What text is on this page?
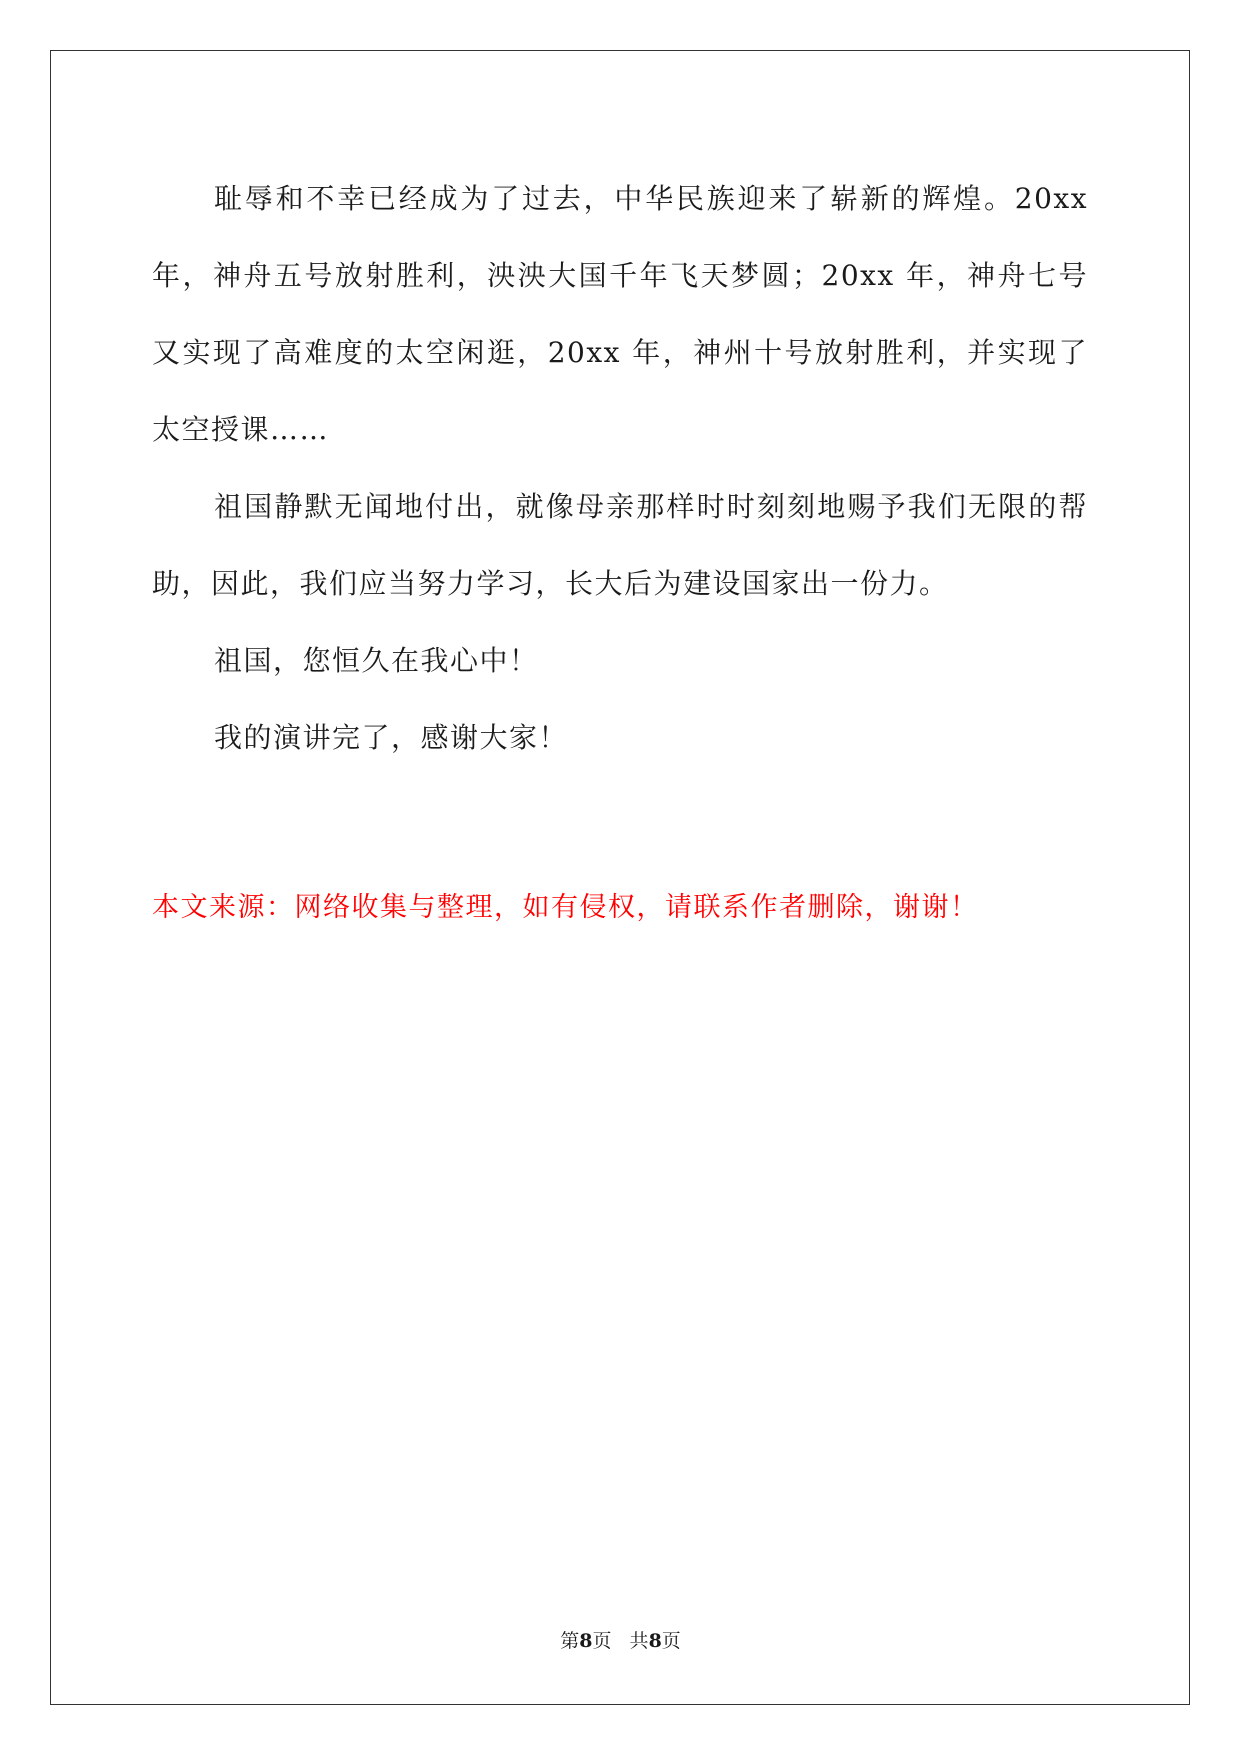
耻辱和不幸已经成为了过去，中华民族迎来了崭新的辉煌。20xx年，神舟五号放射胜利，泱泱大国千年飞天梦圆；20xx 年，神舟七号又实现了高难度的太空闲逛，20xx 年，神州十号放射胜利，并实现了太空授课……

祖国静默无闻地付出，就像母亲那样时时刻刻地赐予我们无限的帮助，因此，我们应当努力学习，长大后为建设国家出一份力。

祖国，您恒久在我心中！

我的演讲完了，感谢大家！

本文来源：网络收集与整理，如有侵权，请联系作者删除，谢谢！

第8页   共8页
